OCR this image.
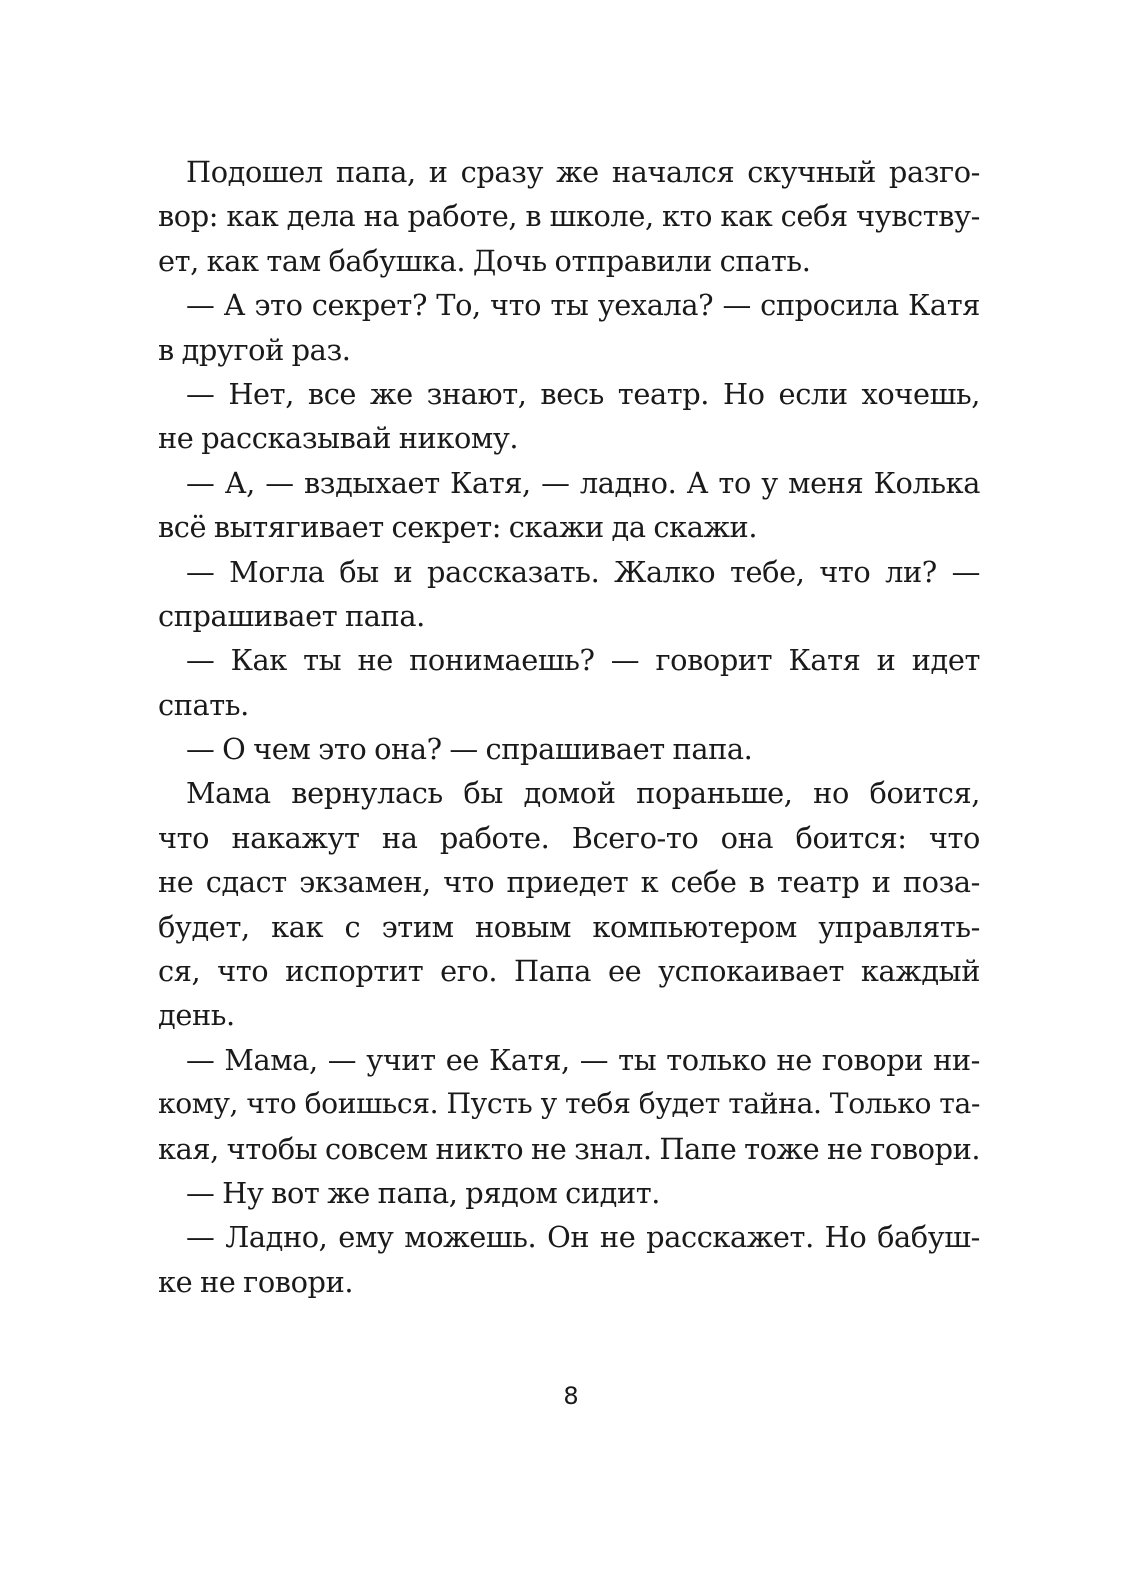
Подошел папа, и сразу же начался скучный разго-
вор: как дела на работе, в школе, кто как себя чувству-
ет, как там бабушка. Дочь отправили спать.
— А это секрет? То, что ты уехала? — спросила Катя
в другой раз.
— Нет, все же знают, весь театр. Но если хочешь,
не рассказывай никому.
— А, — вздыхает Катя, — ладно. А то у меня Колька
всё вытягивает секрет: скажи да скажи.
— Могла бы и рассказать. Жалко тебе, что ли? —
спрашивает папа.
— Как ты не понимаешь? — говорит Катя и идет
спать.
— О чем это она? — спрашивает папа.
Мама вернулась бы домой пораньше, но боится,
что накажут на работе. Всего-то она боится: что
не сдаст экзамен, что приедет к себе в театр и поза-
будет, как с этим новым компьютером управлять-
ся, что испортит его. Папа ее успокаивает каждый
день.
— Мама, — учит ее Катя, — ты только не говори ни-
кому, что боишься. Пусть у тебя будет тайна. Только та-
кая, чтобы совсем никто не знал. Папе тоже не говори.
— Ну вот же папа, рядом сидит.
— Ладно, ему можешь. Он не расскажет. Но бабуш-
ке не говори.
8
